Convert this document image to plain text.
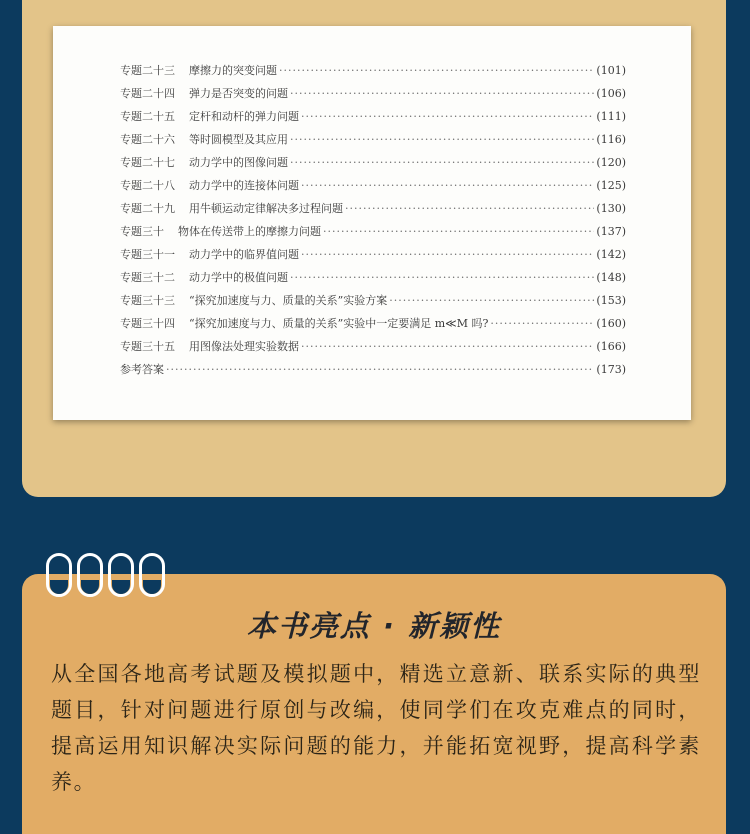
专题二十三 摩擦力的突变问题 ·····	(101)
专题二十四 弹力是否突变的问题 ·····	(106)
专题二十五 定杆和动杆的弹力问题 ·····	(111)
专题二十六 等时圆模型及其应用 ·····	(116)
专题二十七 动力学中的图像问题 ·····	(120)
专题二十八 动力学中的连接体问题 ·····	(125)
专题二十九 用牛顿运动定律解决多过程问题 ·····	(130)
专题三十 物体在传送带上的摩擦力问题 ·····	(137)
专题三十一 动力学中的临界值问题 ·····	(142)
专题三十二 动力学中的极值问题 ·····	(148)
专题三十三 “探究加速度与力、质量的关系”实验方案 ·····	(153)
专题三十四 “探究加速度与力、质量的关系”实验中一定要满足 m≪M 吗? ·····	(160)
专题三十五 用图像法处理实验数据 ·····	(166)
参考答案 ·····	(173)
本书亮点 · 新颖性

从全国各地高考试题及模拟题中，精选立意新、联系实际的典型题目，针对问题进行原创与改编，使同学们在攻克难点的同时，提高运用知识解决实际问题的能力，并能拓宽视野，提高科学素养。
